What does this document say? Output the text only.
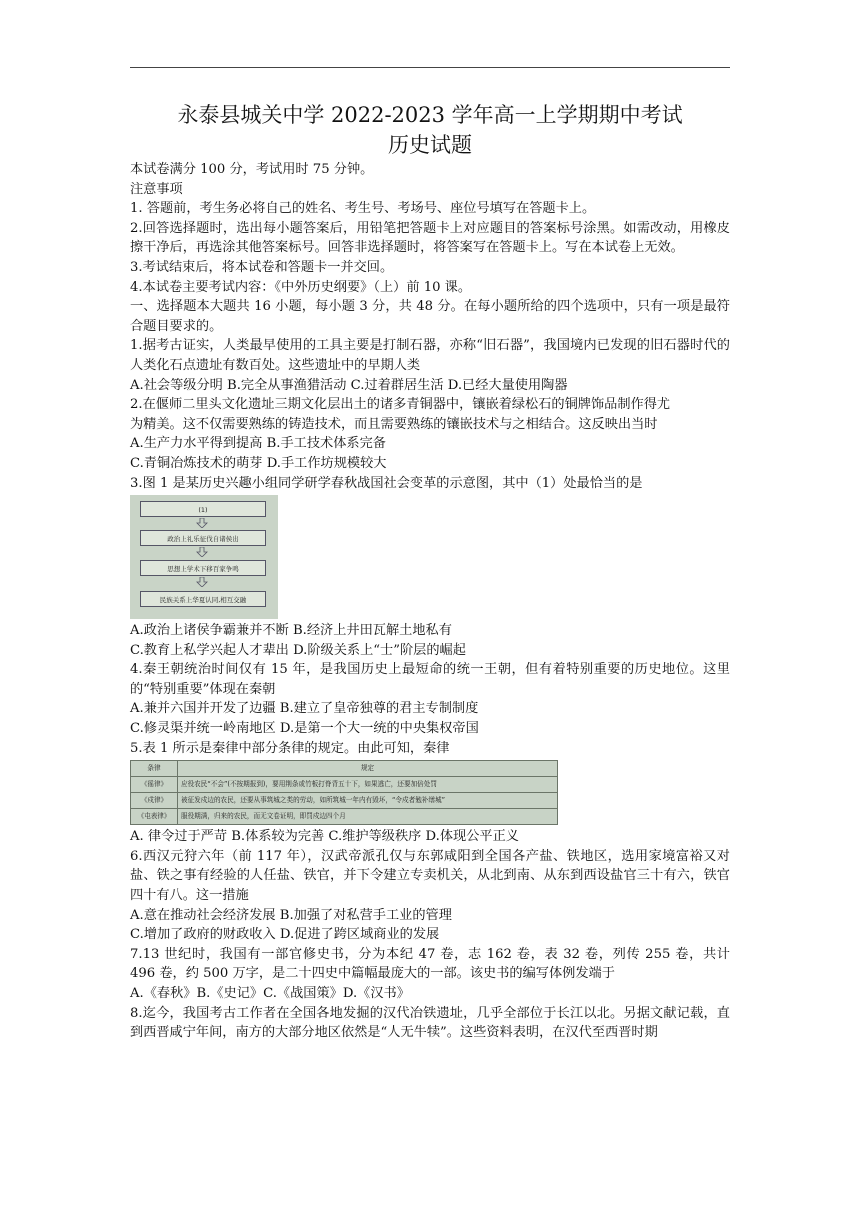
永泰县城关中学 2022-2023 学年高一上学期期中考试
历史试题

本试卷满分 100 分，考试用时 75 分钟。

注意事项

1. 答题前，考生务必将自己的姓名、考生号、考场号、座位号填写在答题卡上。

2.回答选择题时，选出每小题答案后，用铅笔把答题卡上对应题目的答案标号涂黑。如需改动，用橡皮擦干净后，再选涂其他答案标号。回答非选择题时，将答案写在答题卡上。写在本试卷上无效。

3.考试结束后，将本试卷和答题卡一并交回。

4.本试卷主要考试内容：《中外历史纲要》（上）前 10 课。

一、选择题本大题共 16 小题，每小题 3 分，共 48 分。在每小题所给的四个选项中，只有一项是最符合题目要求的。

1.据考古证实，人类最早使用的工具主要是打制石器，亦称“旧石器”，我国境内已发现的旧石器时代的人类化石点遗址有数百处。这些遗址中的早期人类

A.社会等级分明 B.完全从事渔猎活动 C.过着群居生活 D.已经大量使用陶器

2.在偃师二里头文化遗址三期文化层出土的诸多青铜器中，镶嵌着绿松石的铜牌饰品制作得尤

为精美。这不仅需要熟练的铸造技术，而且需要熟练的镶嵌技术与之相结合。这反映出当时

A.生产力水平得到提高 B.手工技术体系完备

C.青铜冶炼技术的萌芽 D.手工作坊规模较大

3.图 1 是某历史兴趣小组同学研学春秋战国社会变革的示意图，其中（1）处最恰当的是

(1)
政治上礼乐征伐自诸侯出
思想上学术下移百家争鸣
民族关系上华夏认同,相互交融

A.政治上诸侯争霸兼并不断 B.经济上井田瓦解土地私有

C.教育上私学兴起人才辈出 D.阶级关系上“士”阶层的崛起

4.秦王朝统治时间仅有 15 年，是我国历史上最短命的统一王朝，但有着特别重要的历史地位。这里的“特别重要”体现在秦朝

A.兼并六国并开发了边疆 B.建立了皇帝独尊的君主专制制度

C.修灵渠并统一岭南地区 D.是第一个大一统的中央集权帝国

5.表 1 所示是秦律中部分条律的规定。由此可知，秦律

条律	规定
《徭律》	应役农民“不会”(不按期报到)，要用荆条或竹板打脊背五十下，如果逃亡，还要加倍处罚
《戍律》	被征发戍边的农民，还要从事筑城之类的劳动，如所筑城一年内有毁坏，“令戍者勉补缮城”
《屯表律》	服役期满，归来的农民，而无文卷证明，即罚戍边四个月

A. 律令过于严苛 B.体系较为完善 C.维护等级秩序 D.体现公平正义

6.西汉元狩六年（前 117 年），汉武帝派孔仅与东郭咸阳到全国各产盐、铁地区，选用家境富裕又对盐、铁之事有经验的人任盐、铁官，并下令建立专卖机关，从北到南、从东到西设盐官三十有六，铁官四十有八。这一措施

A.意在推动社会经济发展 B.加强了对私营手工业的管理

C.增加了政府的财政收入 D.促进了跨区域商业的发展

7.13 世纪时，我国有一部官修史书，分为本纪 47 卷，志 162 卷，表 32 卷，列传 255 卷，共计 496 卷，约 500 万字，是二十四史中篇幅最庞大的一部。该史书的编写体例发端于

A.《春秋》B.《史记》C.《战国策》D.《汉书》

8.迄今，我国考古工作者在全国各地发掘的汉代冶铁遗址，几乎全部位于长江以北。另据文献记载，直到西晋咸宁年间，南方的大部分地区依然是“人无牛犊”。这些资料表明，在汉代至西晋时期
